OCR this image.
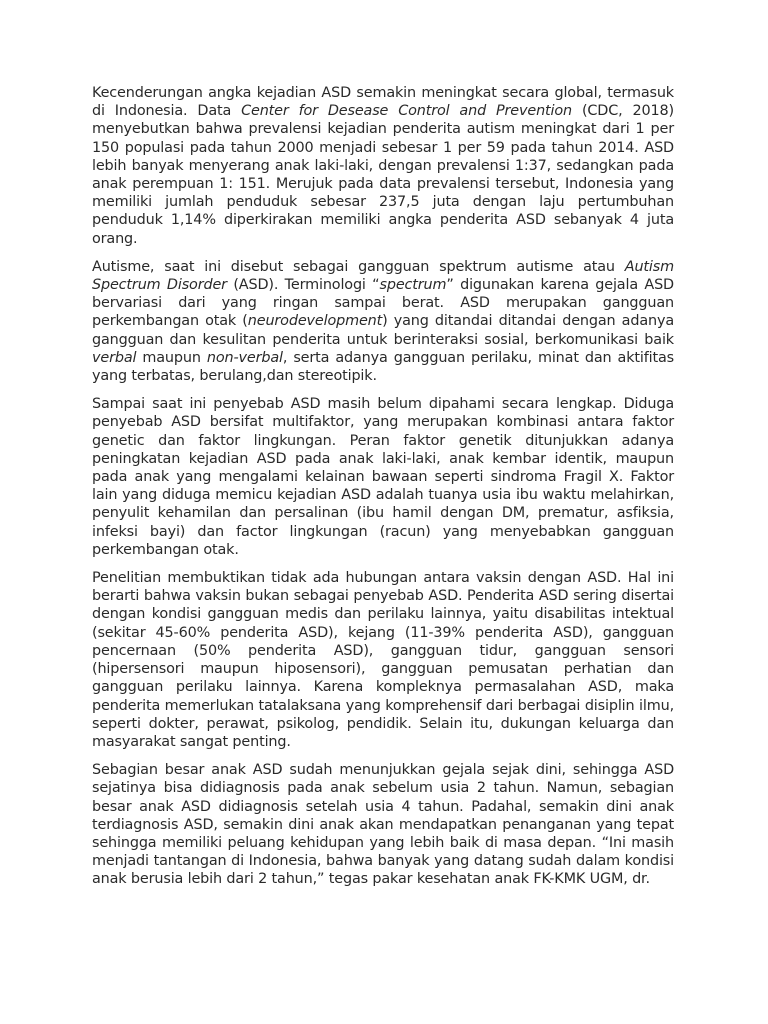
Kecenderungan angka kejadian ASD semakin meningkat secara global, termasuk di Indonesia. Data Center for Desease Control and Prevention (CDC, 2018) menyebutkan bahwa prevalensi kejadian penderita autism meningkat dari 1 per 150 populasi pada tahun 2000 menjadi sebesar 1 per 59 pada tahun 2014. ASD lebih banyak menyerang anak laki-laki, dengan prevalensi 1:37, sedangkan pada anak perempuan 1: 151. Merujuk pada data prevalensi tersebut, Indonesia yang memiliki jumlah penduduk sebesar 237,5 juta dengan laju pertumbuhan penduduk 1,14% diperkirakan memiliki angka penderita ASD sebanyak 4 juta orang.

Autisme, saat ini disebut sebagai gangguan spektrum autisme atau Autism Spectrum Disorder (ASD). Terminologi “spectrum” digunakan karena gejala ASD bervariasi dari yang ringan sampai berat. ASD merupakan gangguan perkembangan otak (neurodevelopment) yang ditandai ditandai dengan adanya gangguan dan kesulitan penderita untuk berinteraksi sosial, berkomunikasi baik verbal maupun non-verbal, serta adanya gangguan perilaku, minat dan aktifitas yang terbatas, berulang,dan stereotipik.

Sampai saat ini penyebab ASD masih belum dipahami secara lengkap. Diduga penyebab ASD bersifat multifaktor, yang merupakan kombinasi antara faktor genetic dan faktor lingkungan. Peran faktor genetik ditunjukkan adanya peningkatan kejadian ASD pada anak laki-laki, anak kembar identik, maupun pada anak yang mengalami kelainan bawaan seperti sindroma Fragil X. Faktor lain yang diduga memicu kejadian ASD adalah tuanya usia ibu waktu melahirkan, penyulit kehamilan dan persalinan (ibu hamil dengan DM, prematur, asfiksia, infeksi bayi) dan factor lingkungan (racun) yang menyebabkan gangguan perkembangan otak.

Penelitian membuktikan tidak ada hubungan antara vaksin dengan ASD. Hal ini berarti bahwa vaksin bukan sebagai penyebab ASD. Penderita ASD sering disertai dengan kondisi gangguan medis dan perilaku lainnya, yaitu disabilitas intektual (sekitar 45-60% penderita ASD), kejang (11-39% penderita ASD), gangguan pencernaan (50% penderita ASD), gangguan tidur, gangguan sensori (hipersensori maupun hiposensori), gangguan pemusatan perhatian dan gangguan perilaku lainnya. Karena kompleknya permasalahan ASD, maka penderita memerlukan tatalaksana yang komprehensif dari berbagai disiplin ilmu, seperti dokter, perawat, psikolog, pendidik. Selain itu, dukungan keluarga dan masyarakat sangat penting.

Sebagian besar anak ASD sudah menunjukkan gejala sejak dini, sehingga ASD sejatinya bisa didiagnosis pada anak sebelum usia 2 tahun. Namun, sebagian besar anak ASD didiagnosis setelah usia 4 tahun. Padahal, semakin dini anak terdiagnosis ASD, semakin dini anak akan mendapatkan penanganan yang tepat sehingga memiliki peluang kehidupan yang lebih baik di masa depan. “Ini masih menjadi tantangan di Indonesia, bahwa banyak yang datang sudah dalam kondisi anak berusia lebih dari 2 tahun,” tegas pakar kesehatan anak FK-KMK UGM, dr.
